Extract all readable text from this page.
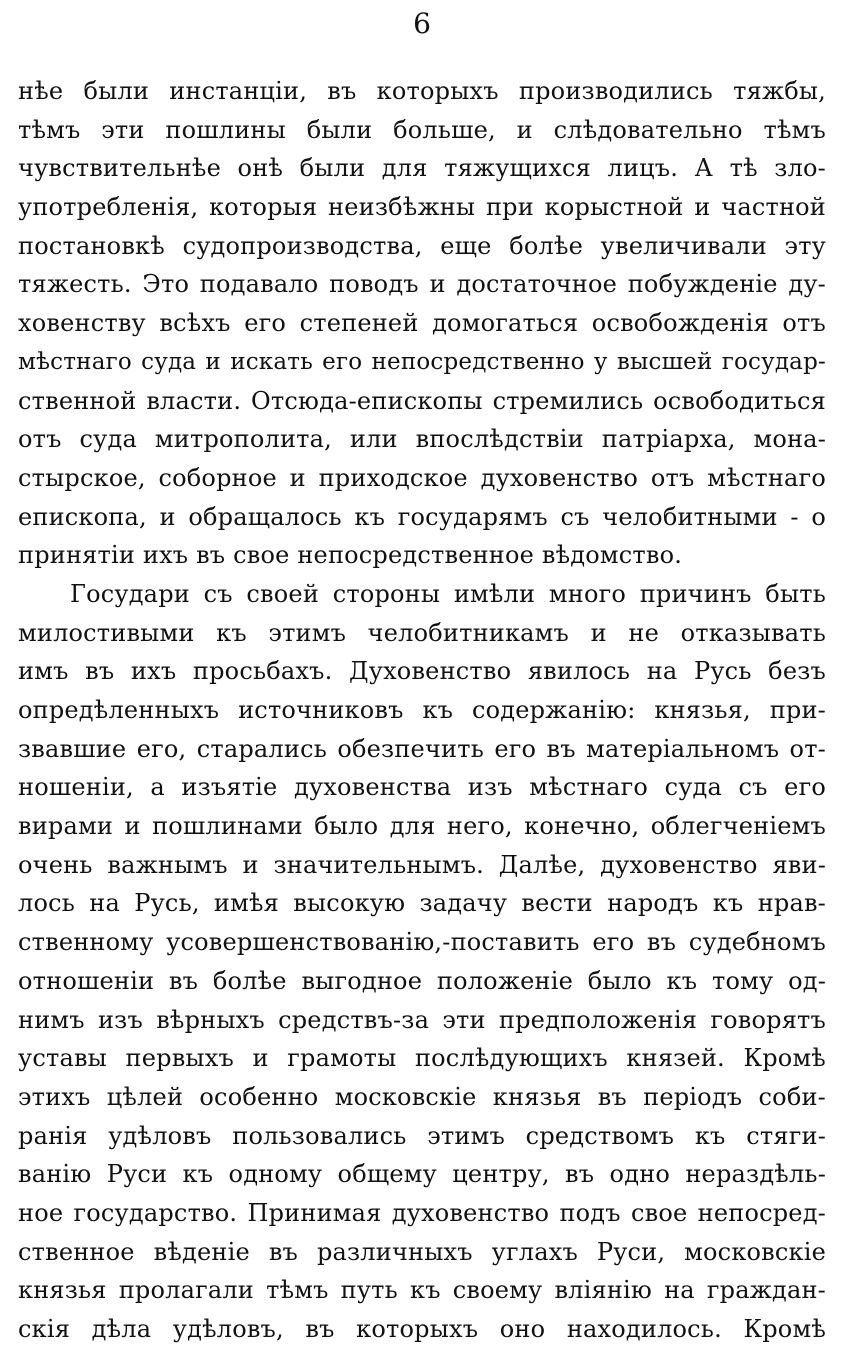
6
нѣе были инстанціи, въ которыхъ производились тяжбы,
тѣмъ эти пошлины были больше, и слѣдовательно тѣмъ
чувствительнѣе онѣ были для тяжущихся лицъ. А тѣ зло-
употребленія, которыя неизбѣжны при корыстной и частной
постановкѣ судопроизводства, еще болѣе увеличивали эту
тяжесть. Это подавало поводъ и достаточное побужденіе ду-
ховенству всѣхъ его степеней домогаться освобожденія отъ
мѣстнаго суда и искать его непосредственно у высшей государ-
ственной власти. Отсюда-епископы стремились освободиться
отъ суда митрополита, или впослѣдствіи патріарха, мона-
стырское, соборное и приходское духовенство отъ мѣстнаго
епископа, и обращалось къ государямъ съ челобитными - о
принятіи ихъ въ свое непосредственное вѣдомство.
Государи съ своей стороны имѣли много причинъ быть
милостивыми къ этимъ челобитникамъ и не отказывать
имъ въ ихъ просьбахъ. Духовенство явилось на Русь безъ
опредѣленныхъ источниковъ къ содержанію: князья, при-
звавшие его, старались обезпечить его въ матеріальномъ от-
ношеніи, а изъятіе духовенства изъ мѣстнаго суда съ его
вирами и пошлинами было для него, конечно, облегченіемъ
очень важнымъ и значительнымъ. Далѣе, духовенство яви-
лось на Русь, имѣя высокую задачу вести народъ къ нрав-
ственному усовершенствованію,-поставить его въ судебномъ
отношеніи въ болѣе выгодное положеніе было къ тому од-
нимъ изъ вѣрныхъ средствъ-за эти предположенія говорятъ
уставы первыхъ и грамоты послѣдующихъ князей. Кромѣ
этихъ цѣлей особенно московскіе князья въ періодъ соби-
ранія удѣловъ пользовались этимъ средствомъ къ стяги-
ванію Руси къ одному общему центру, въ одно нераздѣль-
ное государство. Принимая духовенство подъ свое непосред-
ственное вѣденіе въ различныхъ углахъ Руси, московскіе
князья пролагали тѣмъ путь къ своему вліянію на граждан-
скія дѣла удѣловъ, въ которыхъ оно находилось. Кромѣ
